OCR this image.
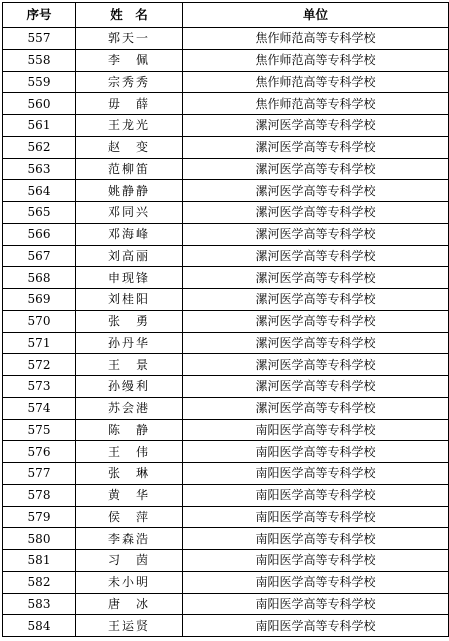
序号	姓　名	单位
557	郭天一	焦作师范高等专科学校
558	李　佩	焦作师范高等专科学校
559	宗秀秀	焦作师范高等专科学校
560	毋　薛	焦作师范高等专科学校
561	王龙光	漯河医学高等专科学校
562	赵　变	漯河医学高等专科学校
563	范柳笛	漯河医学高等专科学校
564	姚静静	漯河医学高等专科学校
565	邓同兴	漯河医学高等专科学校
566	邓海峰	漯河医学高等专科学校
567	刘高丽	漯河医学高等专科学校
568	申现锋	漯河医学高等专科学校
569	刘桂阳	漯河医学高等专科学校
570	张　勇	漯河医学高等专科学校
571	孙丹华	漯河医学高等专科学校
572	王　景	漯河医学高等专科学校
573	孙缦利	漯河医学高等专科学校
574	苏会港	漯河医学高等专科学校
575	陈　静	南阳医学高等专科学校
576	王　伟	南阳医学高等专科学校
577	张　琳	南阳医学高等专科学校
578	黄　华	南阳医学高等专科学校
579	侯　萍	南阳医学高等专科学校
580	李森浩	南阳医学高等专科学校
581	习　茵	南阳医学高等专科学校
582	未小明	南阳医学高等专科学校
583	唐　冰	南阳医学高等专科学校
584	王运贤	南阳医学高等专科学校
